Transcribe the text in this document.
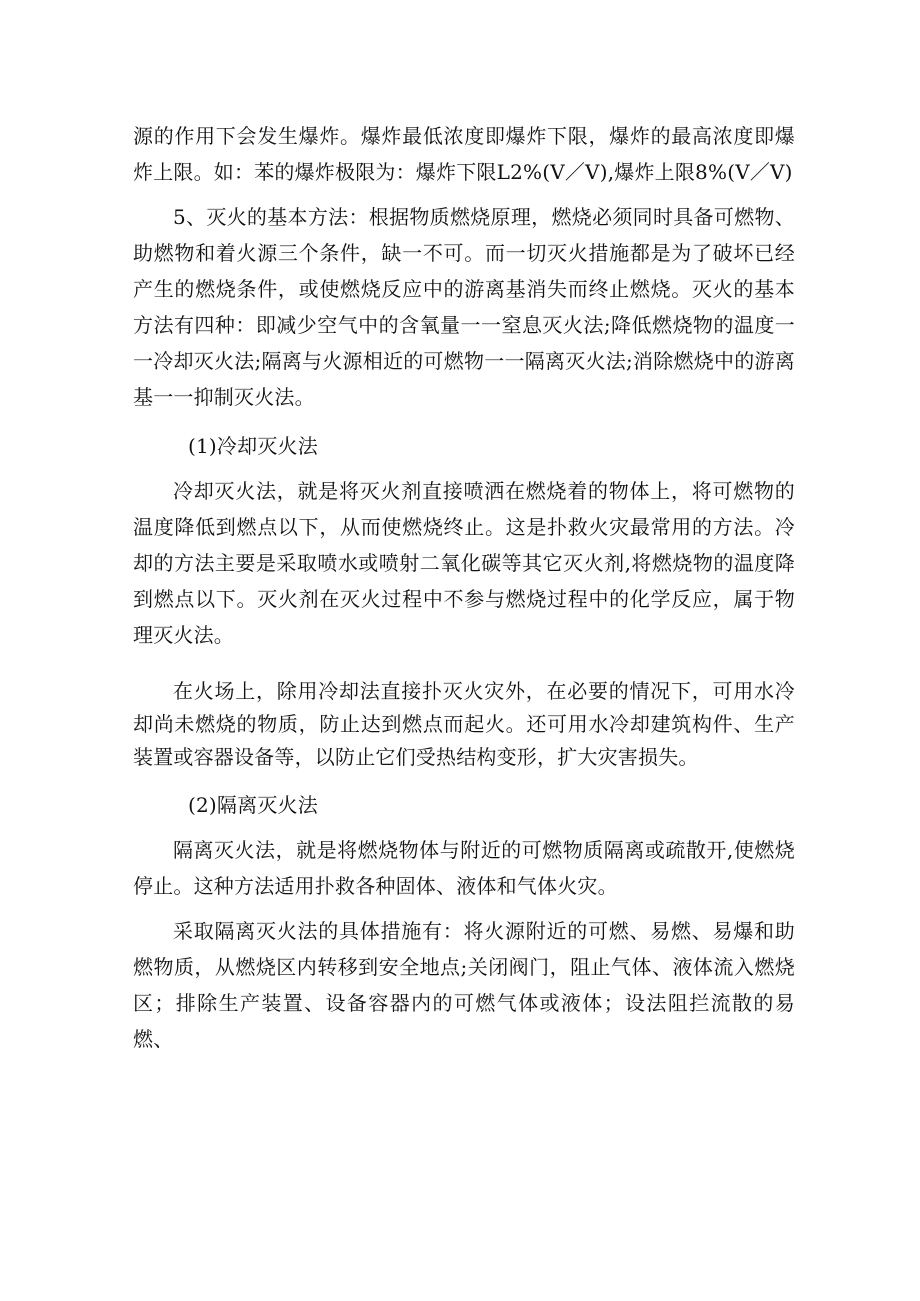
源的作用下会发生爆炸。爆炸最低浓度即爆炸下限，爆炸的最高浓度即爆炸上限。如：苯的爆炸极限为：爆炸下限L2%(V／V),爆炸上限8%(V／V)

5、灭火的基本方法：根据物质燃烧原理，燃烧必须同时具备可燃物、助燃物和着火源三个条件，缺一不可。而一切灭火措施都是为了破坏已经产生的燃烧条件，或使燃烧反应中的游离基消失而终止燃烧。灭火的基本方法有四种：即减少空气中的含氧量一一窒息灭火法;降低燃烧物的温度一一冷却灭火法;隔离与火源相近的可燃物一一隔离灭火法;消除燃烧中的游离基一一抑制灭火法。

(1)冷却灭火法

冷却灭火法，就是将灭火剂直接喷洒在燃烧着的物体上，将可燃物的温度降低到燃点以下，从而使燃烧终止。这是扑救火灾最常用的方法。冷却的方法主要是采取喷水或喷射二氧化碳等其它灭火剂,将燃烧物的温度降到燃点以下。灭火剂在灭火过程中不参与燃烧过程中的化学反应，属于物理灭火法。

在火场上，除用冷却法直接扑灭火灾外，在必要的情况下，可用水冷却尚未燃烧的物质，防止达到燃点而起火。还可用水冷却建筑构件、生产装置或容器设备等，以防止它们受热结构变形，扩大灾害损失。

(2)隔离灭火法

隔离灭火法，就是将燃烧物体与附近的可燃物质隔离或疏散开,使燃烧停止。这种方法适用扑救各种固体、液体和气体火灾。

采取隔离灭火法的具体措施有：将火源附近的可燃、易燃、易爆和助燃物质，从燃烧区内转移到安全地点;关闭阀门，阻止气体、液体流入燃烧区；排除生产装置、设备容器内的可燃气体或液体；设法阻拦流散的易燃、
